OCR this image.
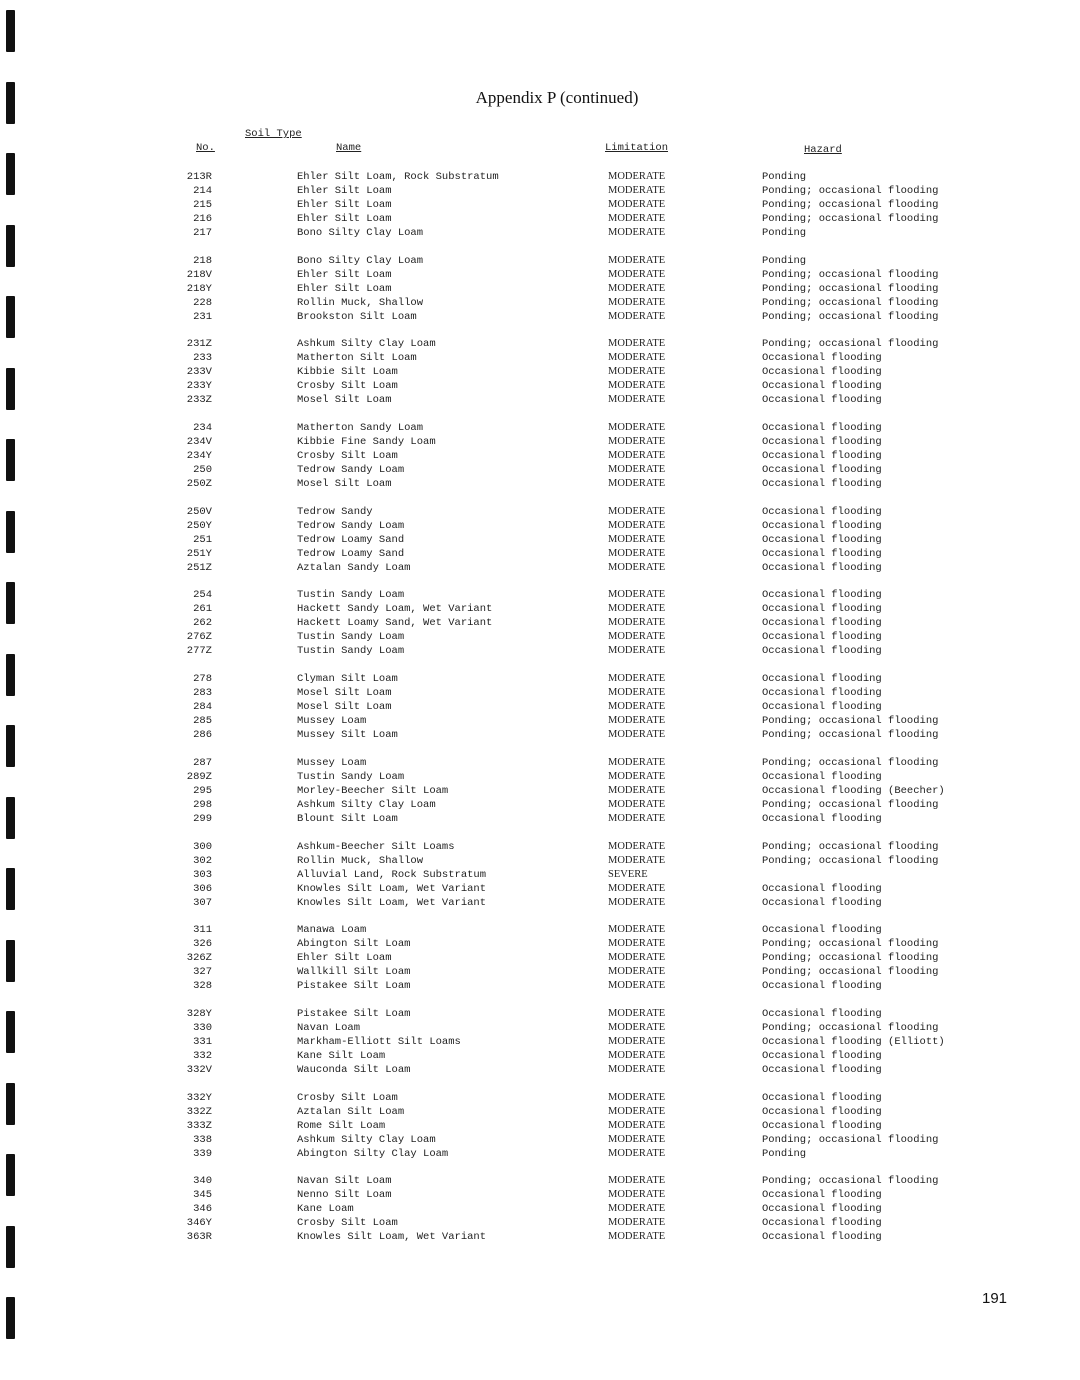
Appendix P (continued)
Soil Type
No.	Name	Limitation	Hazard
213R	Ehler Silt Loam, Rock Substratum	MODERATE	Ponding
214	Ehler Silt Loam	MODERATE	Ponding; occasional flooding
215	Ehler Silt Loam	MODERATE	Ponding; occasional flooding
216	Ehler Silt Loam	MODERATE	Ponding; occasional flooding
217	Bono Silty Clay Loam	MODERATE	Ponding
218	Bono Silty Clay Loam	MODERATE	Ponding
218V	Ehler Silt Loam	MODERATE	Ponding; occasional flooding
218Y	Ehler Silt Loam	MODERATE	Ponding; occasional flooding
228	Rollin Muck, Shallow	MODERATE	Ponding; occasional flooding
231	Brookston Silt Loam	MODERATE	Ponding; occasional flooding
231Z	Ashkum Silty Clay Loam	MODERATE	Ponding; occasional flooding
233	Matherton Silt Loam	MODERATE	Occasional flooding
233V	Kibbie Silt Loam	MODERATE	Occasional flooding
233Y	Crosby Silt Loam	MODERATE	Occasional flooding
233Z	Mosel Silt Loam	MODERATE	Occasional flooding
234	Matherton Sandy Loam	MODERATE	Occasional flooding
234V	Kibbie Fine Sandy Loam	MODERATE	Occasional flooding
234Y	Crosby Silt Loam	MODERATE	Occasional flooding
250	Tedrow Sandy Loam	MODERATE	Occasional flooding
250Z	Mosel Silt Loam	MODERATE	Occasional flooding
250V	Tedrow Sandy	MODERATE	Occasional flooding
250Y	Tedrow Sandy Loam	MODERATE	Occasional flooding
251	Tedrow Loamy Sand	MODERATE	Occasional flooding
251Y	Tedrow Loamy Sand	MODERATE	Occasional flooding
251Z	Aztalan Sandy Loam	MODERATE	Occasional flooding
254	Tustin Sandy Loam	MODERATE	Occasional flooding
261	Hackett Sandy Loam, Wet Variant	MODERATE	Occasional flooding
262	Hackett Loamy Sand, Wet Variant	MODERATE	Occasional flooding
276Z	Tustin Sandy Loam	MODERATE	Occasional flooding
277Z	Tustin Sandy Loam	MODERATE	Occasional flooding
278	Clyman Silt Loam	MODERATE	Occasional flooding
283	Mosel Silt Loam	MODERATE	Occasional flooding
284	Mosel Silt Loam	MODERATE	Occasional flooding
285	Mussey Loam	MODERATE	Ponding; occasional flooding
286	Mussey Silt Loam	MODERATE	Ponding; occasional flooding
287	Mussey Loam	MODERATE	Ponding; occasional flooding
289Z	Tustin Sandy Loam	MODERATE	Occasional flooding
295	Morley-Beecher Silt Loam	MODERATE	Occasional flooding (Beecher)
298	Ashkum Silty Clay Loam	MODERATE	Ponding; occasional flooding
299	Blount Silt Loam	MODERATE	Occasional flooding
300	Ashkum-Beecher Silt Loams	MODERATE	Ponding; occasional flooding
302	Rollin Muck, Shallow	MODERATE	Ponding; occasional flooding
303	Alluvial Land, Rock Substratum	SEVERE
306	Knowles Silt Loam, Wet Variant	MODERATE	Occasional flooding
307	Knowles Silt Loam, Wet Variant	MODERATE	Occasional flooding
311	Manawa Loam	MODERATE	Occasional flooding
326	Abington Silt Loam	MODERATE	Ponding; occasional flooding
326Z	Ehler Silt Loam	MODERATE	Ponding; occasional flooding
327	Wallkill Silt Loam	MODERATE	Ponding; occasional flooding
328	Pistakee Silt Loam	MODERATE	Occasional flooding
328Y	Pistakee Silt Loam	MODERATE	Occasional flooding
330	Navan Loam	MODERATE	Ponding; occasional flooding
331	Markham-Elliott Silt Loams	MODERATE	Occasional flooding (Elliott)
332	Kane Silt Loam	MODERATE	Occasional flooding
332V	Wauconda Silt Loam	MODERATE	Occasional flooding
332Y	Crosby Silt Loam	MODERATE	Occasional flooding
332Z	Aztalan Silt Loam	MODERATE	Occasional flooding
333Z	Rome Silt Loam	MODERATE	Occasional flooding
338	Ashkum Silty Clay Loam	MODERATE	Ponding; occasional flooding
339	Abington Silty Clay Loam	MODERATE	Ponding
340	Navan Silt Loam	MODERATE	Ponding; occasional flooding
345	Nenno Silt Loam	MODERATE	Occasional flooding
346	Kane Loam	MODERATE	Occasional flooding
346Y	Crosby Silt Loam	MODERATE	Occasional flooding
363R	Knowles Silt Loam, Wet Variant	MODERATE	Occasional flooding
191
